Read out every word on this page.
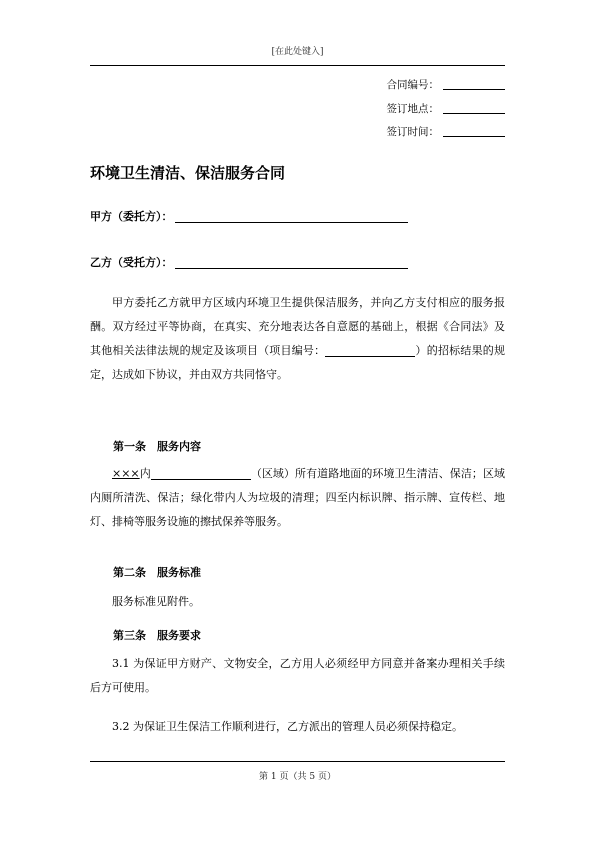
[在此处键入]
合同编号：
签订地点：
签订时间：
环境卫生清洁、保洁服务合同
甲方（委托方）：
乙方（受托方）：
甲方委托乙方就甲方区域内环境卫生提供保洁服务，并向乙方支付相应的服务报酬。双方经过平等协商，在真实、充分地表达各自意愿的基础上，根据《合同法》及其他相关法律法规的规定及该项目（项目编号：	）的招标结果的规定，达成如下协议，并由双方共同恪守。
第一条　服务内容
×××内	（区域）所有道路地面的环境卫生清洁、保洁；区域内厕所清洗、保洁；绿化带内人为垃圾的清理；四至内标识牌、指示牌、宣传栏、地灯、排椅等服务设施的擦拭保养等服务。
第二条　服务标准
服务标准见附件。
第三条　服务要求
3.1 为保证甲方财产、文物安全，乙方用人必须经甲方同意并备案办理相关手续后方可使用。
3.2 为保证卫生保洁工作顺利进行，乙方派出的管理人员必须保持稳定。
第 1 页（共 5 页）
